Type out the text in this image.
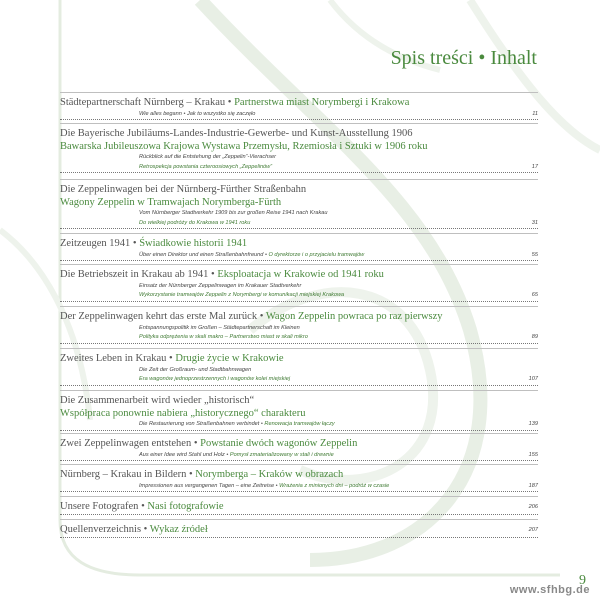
Spis treści • Inhalt
Städtepartnerschaft Nürnberg – Krakau • Partnerstwa miast Norymbergi i Krakowa
Wie alles begann • Jak to wszystko się zaczęło	11
Die Bayerische Jubiläums-Landes-Industrie-Gewerbe- und Kunst-Ausstellung 1906
Bawarska Jubileuszowa Krajowa Wystawa Przemysłu, Rzemiosła i Sztuki w 1906 roku
Rückblick auf die Entstehung der „Zeppelin“-Vierachser
Retrospekcja powstania czteroosiowych „Zeppelinów“	17
Die Zeppelinwagen bei der Nürnberg-Fürther Straßenbahn
Wagony Zeppelin w Tramwajach Norymberga-Fürth
Vom Nürnberger Stadtverkehr 1909 bis zur großen Reise 1941 nach Krakau
Do wielkiej podróży do Krakowa w 1941 roku	31
Zeitzeugen 1941 • Świadkowie historii 1941
Über einen Direktor und einen Straßenbahnfreund • O dyrektorze i o przyjacielu tramwajów	55
Die Betriebszeit in Krakau ab 1941 • Eksploatacja w Krakowie od 1941 roku
Einsatz der Nürnberger Zeppelinwagen im Krakauer Stadtverkehr
Wykorzystanie tramwajów Zeppelin z Norymbergi w komunikacji miejskiej Krakowa	65
Der Zeppelinwagen kehrt das erste Mal zurück • Wagon Zeppelin powraca po raz pierwszy
Entspannungspolitik im Großen – Städtepartnerschaft im Kleinen
Polityka odprężenia w skali makro – Partnerstwo miast w skali mikro	89
Zweites Leben in Krakau • Drugie życie w Krakowie
Die Zeit der Großraum- und Stadtbahnwagen
Era wagonów jednoprzestrzennych i wagonów kolei miejskiej	107
Die Zusammenarbeit wird wieder „historisch“
Współpraca ponownie nabiera „historycznego“ charakteru
Die Restaurierung von Straßenbahnen verbindet • Renowacja tramwajów łączy	139
Zwei Zeppelinwagen entstehen • Powstanie dwóch wagonów Zeppelin
Aus einer Idee wird Stahl und Holz • Pomysł zmaterializowany w stali i drewnie	155
Nürnberg – Krakau in Bildern • Norymberga – Kraków w obrazach
Impressionen aus vergangenen Tagen – eine Zeitreise • Wrażenia z minionych dni – podróż w czasie	187
Unsere Fotografen • Nasi fotografowie	206
Quellenverzeichnis • Wykaz źródeł	207
9
www.sfhbg.de
